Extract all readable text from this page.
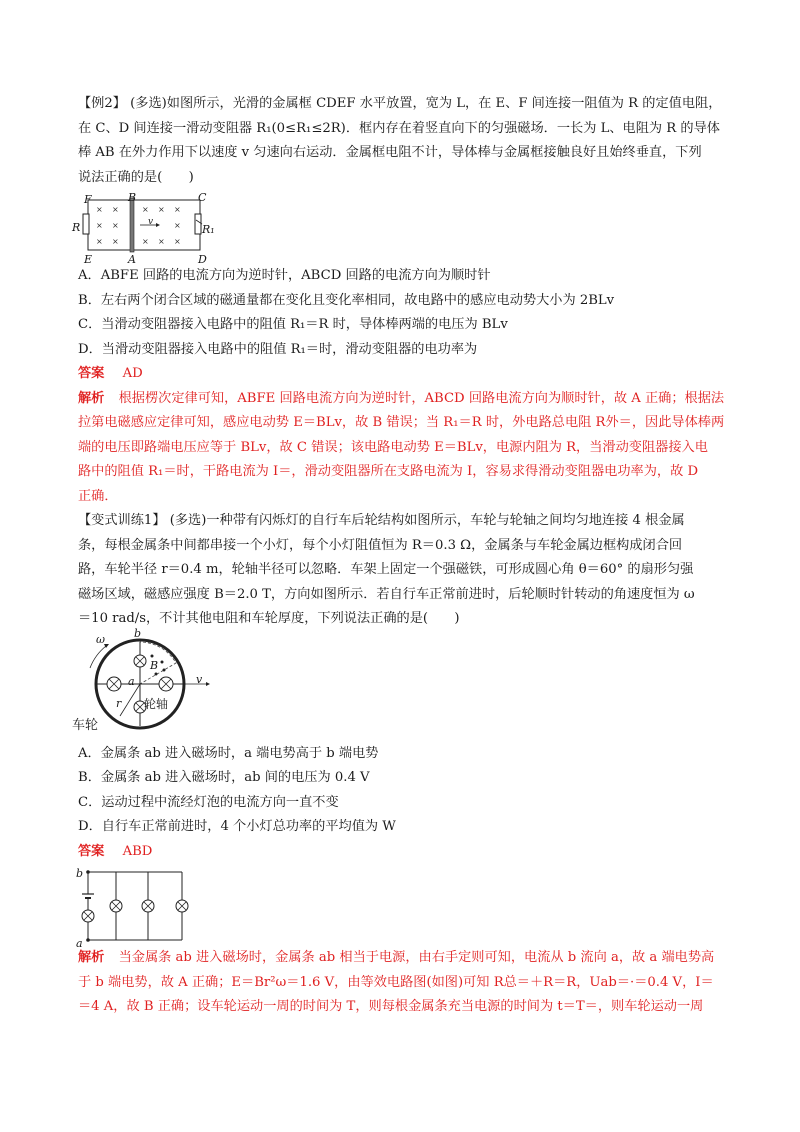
【例2】 (多选)如图所示，光滑的金属框 CDEF 水平放置，宽为 L，在 E、F 间连接一阻值为 R 的定值电阻，
在 C、D 间连接一滑动变阻器 R₁(0≤R₁≤2R)．框内存在着竖直向下的匀强磁场．一长为 L、电阻为 R 的导体
棒 AB 在外力作用下以速度 v 匀速向右运动．金属框电阻不计，导体棒与金属框接触良好且始终垂直，下列
说法正确的是(　　)
× ×	× × ×
× ×	×
× ×	× × ×
F	B	C
R	R₁
E	A	D
v
A．ABFE 回路的电流方向为逆时针，ABCD 回路的电流方向为顺时针
B．左右两个闭合区域的磁通量都在变化且变化率相同，故电路中的感应电动势大小为 2BLv
C．当滑动变阻器接入电路中的阻值 R₁＝R 时，导体棒两端的电压为 BLv
D．当滑动变阻器接入电路中的阻值 R₁＝时，滑动变阻器的电功率为
答案 AD
解析 根据楞次定律可知，ABFE 回路电流方向为逆时针，ABCD 回路电流方向为顺时针，故 A 正确；根据法
拉第电磁感应定律可知，感应电动势 E＝BLv，故 B 错误；当 R₁＝R 时，外电路总电阻 R外＝，因此导体棒两
端的电压即路端电压应等于 BLv，故 C 错误；该电路电动势 E＝BLv，电源内阻为 R，当滑动变阻器接入电
路中的阻值 R₁＝时，干路电流为 I＝，滑动变阻器所在支路电流为 I，容易求得滑动变阻器电功率为，故 D
正确．
【变式训练1】 (多选)一种带有闪烁灯的自行车后轮结构如图所示，车轮与轮轴之间均匀地连接 4 根金属
条，每根金属条中间都串接一个小灯，每个小灯阻值恒为 R＝0.3 Ω，金属条与车轮金属边框构成闭合回
路，车轮半径 r＝0.4 m，轮轴半径可以忽略．车架上固定一个强磁铁，可形成圆心角 θ＝60° 的扇形匀强
磁场区域，磁感应强度 B＝2.0 T，方向如图所示．若自行车正常前进时，后轮顺时针转动的角速度恒为 ω
＝10 rad/s，不计其他电阻和车轮厚度，下列说法正确的是(　　)
ω	b
B
a	v
r 轮轴
车轮
A．金属条 ab 进入磁场时，a 端电势高于 b 端电势
B．金属条 ab 进入磁场时，ab 间的电压为 0.4 V
C．运动过程中流经灯泡的电流方向一直不变
D．自行车正常前进时，4 个小灯总功率的平均值为 W
答案 ABD
b
a
解析 当金属条 ab 进入磁场时，金属条 ab 相当于电源，由右手定则可知，电流从 b 流向 a，故 a 端电势高
于 b 端电势，故 A 正确；E＝Br²ω＝1.6 V，由等效电路图(如图)可知 R总＝＋R＝R，Uab＝·＝0.4 V，I＝
＝4 A，故 B 正确；设车轮运动一周的时间为 T，则每根金属条充当电源的时间为 t＝T＝，则车轮运动一周
